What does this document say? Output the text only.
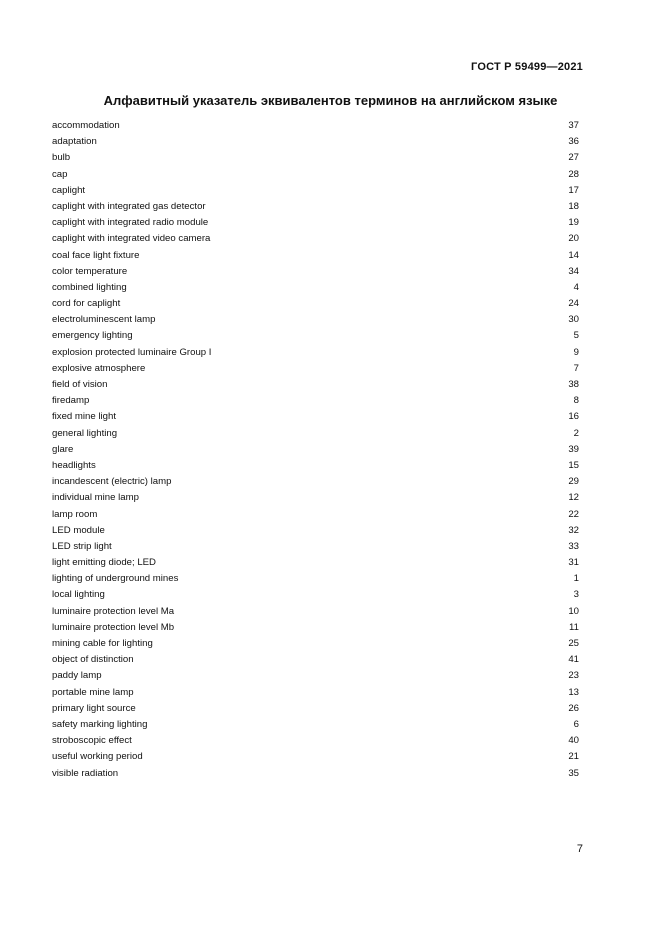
ГОСТ Р 59499—2021
Алфавитный указатель эквивалентов терминов на английском языке
accommodation	37
adaptation	36
bulb	27
cap	28
caplight	17
caplight with integrated gas detector	18
caplight with integrated radio module	19
caplight with integrated video camera	20
coal face light fixture	14
color temperature	34
combined lighting	4
cord for caplight	24
electroluminescent lamp	30
emergency lighting	5
explosion protected luminaire Group I	9
explosive atmosphere	7
field of vision	38
firedamp	8
fixed mine light	16
general lighting	2
glare	39
headlights	15
incandescent (electric) lamp	29
individual mine lamp	12
lamp room	22
LED module	32
LED strip light	33
light emitting diode; LED	31
lighting of underground mines	1
local lighting	3
luminaire protection level Ma	10
luminaire protection level Mb	11
mining cable for lighting	25
object of distinction	41
paddy lamp	23
portable mine lamp	13
primary light source	26
safety marking lighting	6
stroboscopic effect	40
useful working period	21
visible radiation	35
7
